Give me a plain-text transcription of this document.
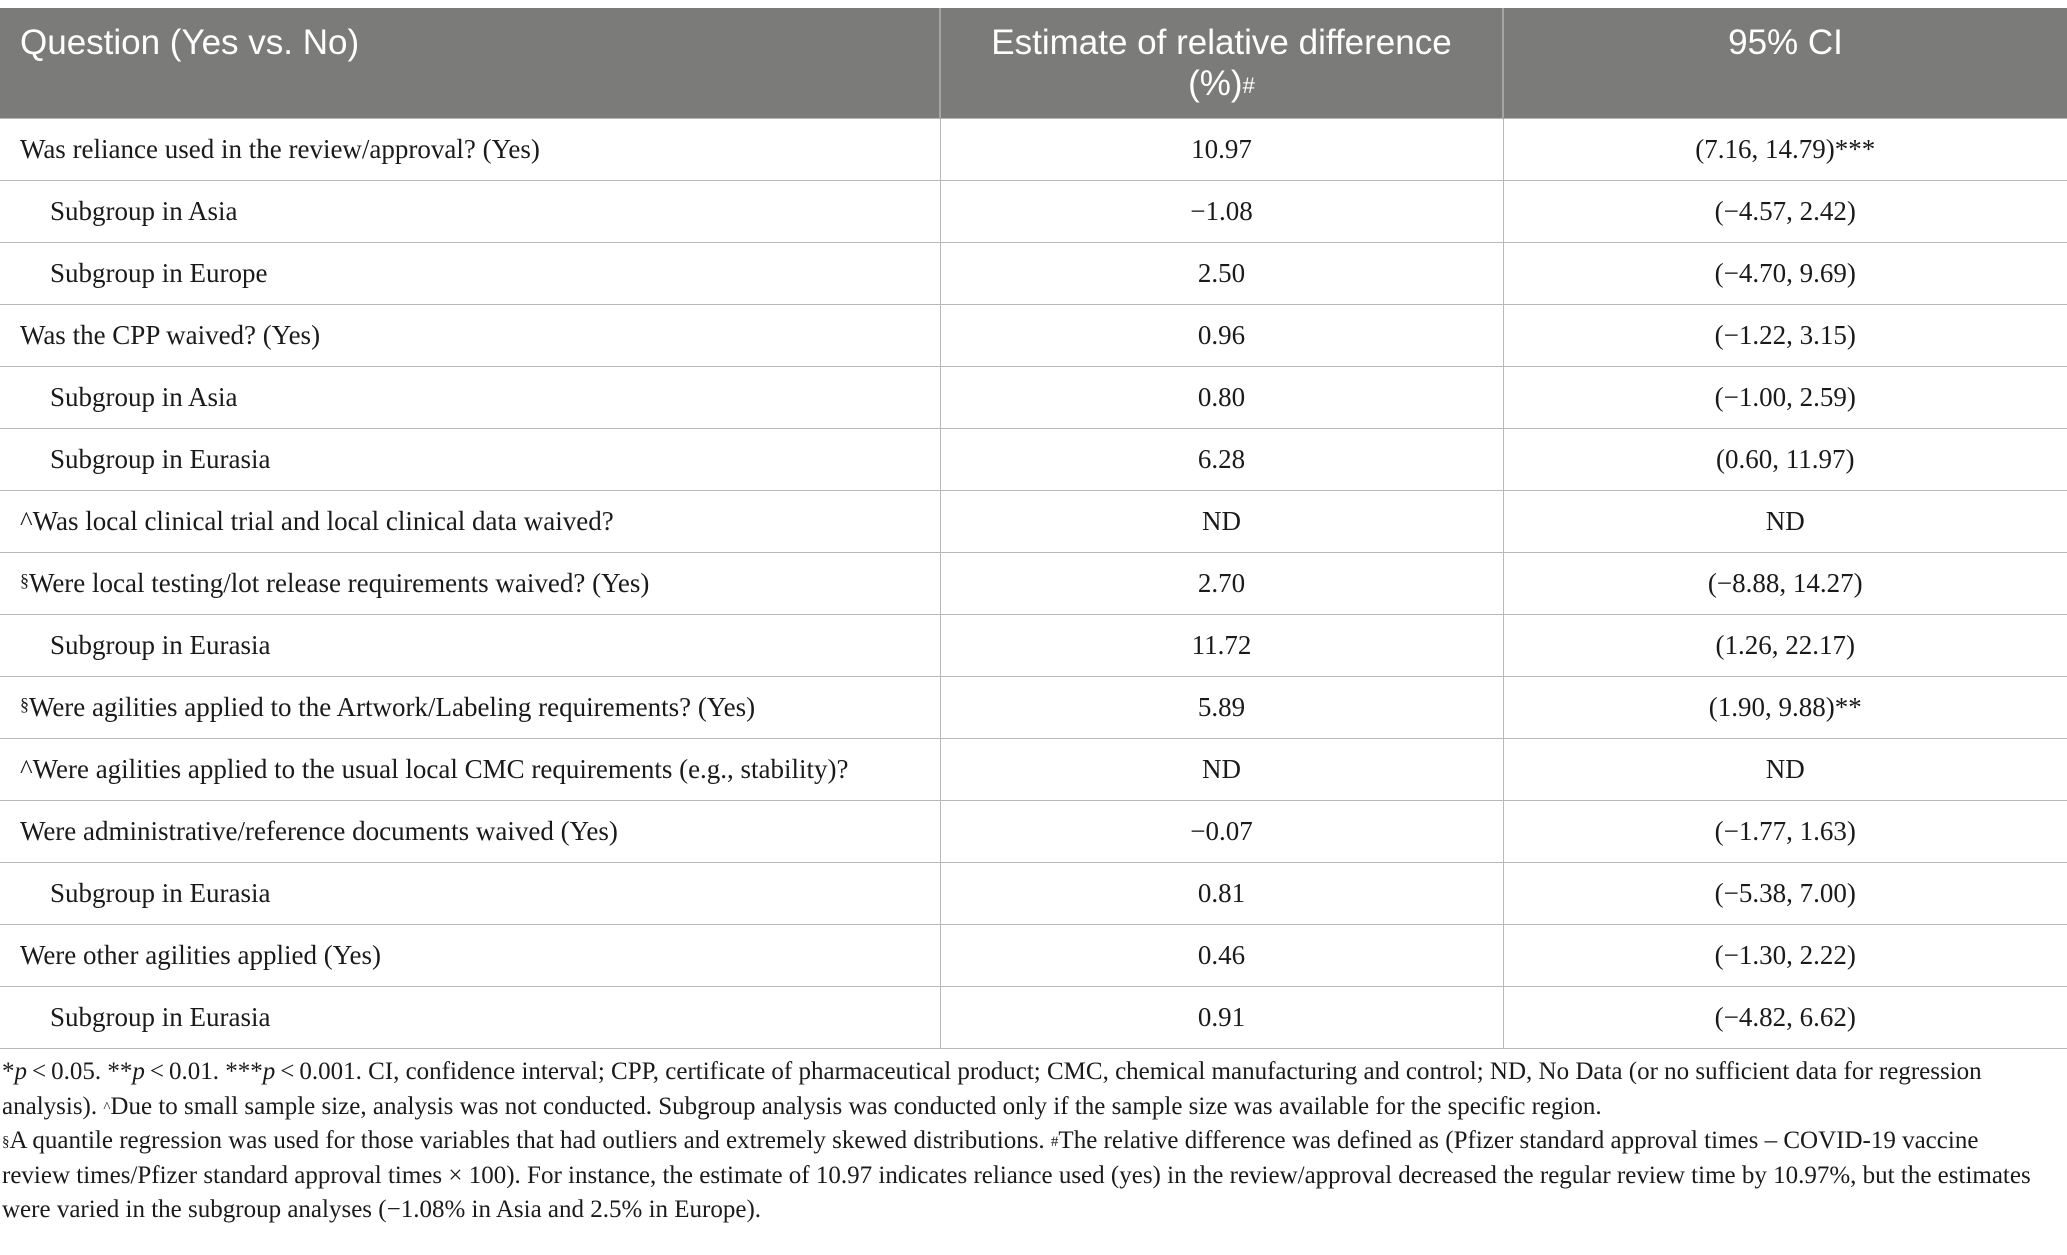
Question (Yes vs. No)	Estimate of relative difference (%)#	95% CI
Was reliance used in the review/approval? (Yes)	10.97	(7.16, 14.79)***
Subgroup in Asia	−1.08	(−4.57, 2.42)
Subgroup in Europe	2.50	(−4.70, 9.69)
Was the CPP waived? (Yes)	0.96	(−1.22, 3.15)
Subgroup in Asia	0.80	(−1.00, 2.59)
Subgroup in Eurasia	6.28	(0.60, 11.97)
^Was local clinical trial and local clinical data waived?	ND	ND
§Were local testing/lot release requirements waived? (Yes)	2.70	(−8.88, 14.27)
Subgroup in Eurasia	11.72	(1.26, 22.17)
§Were agilities applied to the Artwork/Labeling requirements? (Yes)	5.89	(1.90, 9.88)**
^Were agilities applied to the usual local CMC requirements (e.g., stability)?	ND	ND
Were administrative/reference documents waived (Yes)	−0.07	(−1.77, 1.63)
Subgroup in Eurasia	0.81	(−5.38, 7.00)
Were other agilities applied (Yes)	0.46	(−1.30, 2.22)
Subgroup in Eurasia	0.91	(−4.82, 6.62)

*p < 0.05. **p < 0.01. ***p < 0.001. CI, confidence interval; CPP, certificate of pharmaceutical product; CMC, chemical manufacturing and control; ND, No Data (or no sufficient data for regression analysis). ^Due to small sample size, analysis was not conducted. Subgroup analysis was conducted only if the sample size was available for the specific region.

§A quantile regression was used for those variables that had outliers and extremely skewed distributions. #The relative difference was defined as (Pfizer standard approval times – COVID-19 vaccine review times/Pfizer standard approval times × 100). For instance, the estimate of 10.97 indicates reliance used (yes) in the review/approval decreased the regular review time by 10.97%, but the estimates were varied in the subgroup analyses (−1.08% in Asia and 2.5% in Europe).
